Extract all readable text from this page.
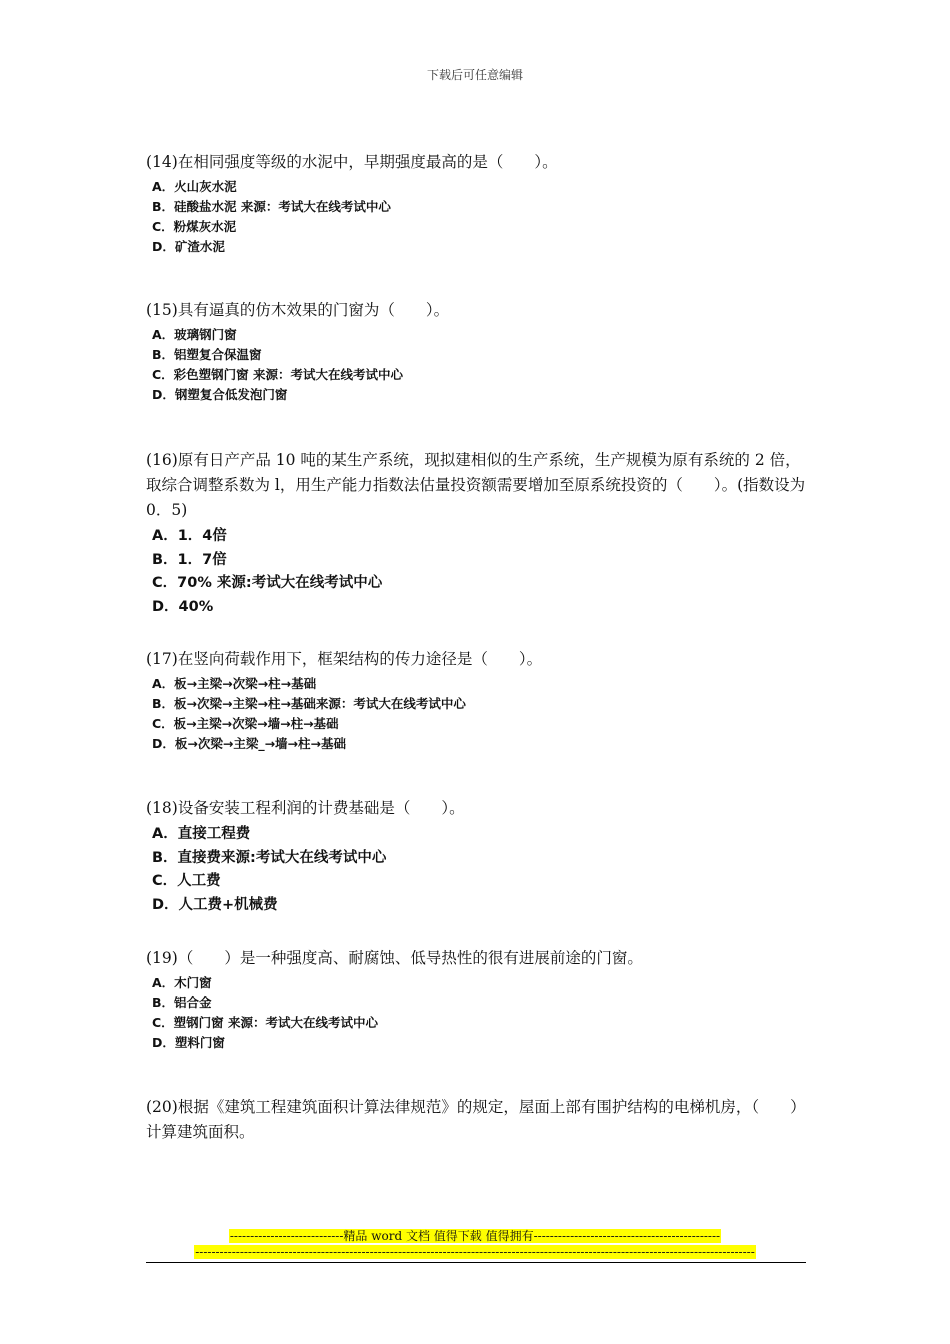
下载后可任意编辑
(14)在相同强度等级的水泥中，早期强度最高的是（　　）。
A．火山灰水泥
B．硅酸盐水泥 来源：考试大在线考试中心
C．粉煤灰水泥
D．矿渣水泥
(15)具有逼真的仿木效果的门窗为（　　）。
A．玻璃钢门窗
B．铝塑复合保温窗
C．彩色塑钢门窗 来源：考试大在线考试中心
D．钢塑复合低发泡门窗
(16)原有日产产品 10 吨的某生产系统，现拟建相似的生产系统，生产规模为原有系统的 2 倍，取综合调整系数为 l，用生产能力指数法估量投资额需要增加至原系统投资的（　　）。(指数设为 0．5)
A．1．4倍
B．1．7倍
C．70% 来源:考试大在线考试中心
D．40%
(17)在竖向荷载作用下，框架结构的传力途径是（　　）。
A．板→主梁→次梁→柱→基础
B．板→次梁→主梁→柱→基础来源：考试大在线考试中心
C．板→主梁→次梁→墙→柱→基础
D．板→次梁→主梁_→墙→柱→基础
(18)设备安装工程利润的计费基础是（　　）。
A．直接工程费
B．直接费来源:考试大在线考试中心
C．人工费
D．人工费+机械费
(19)（　　）是一种强度高、耐腐蚀、低导热性的很有进展前途的门窗。
A．木门窗
B．铝合金
C．塑钢门窗 来源：考试大在线考试中心
D．塑料门窗
(20)根据《建筑工程建筑面积计算法律规范》的规定，屋面上部有围护结构的电梯机房，（　　）计算建筑面积。
----------------------------精品 word 文档 值得下载 值得拥有----------------------------------------------
------------------------------------------------------------------------------------------------------------------------------------------
